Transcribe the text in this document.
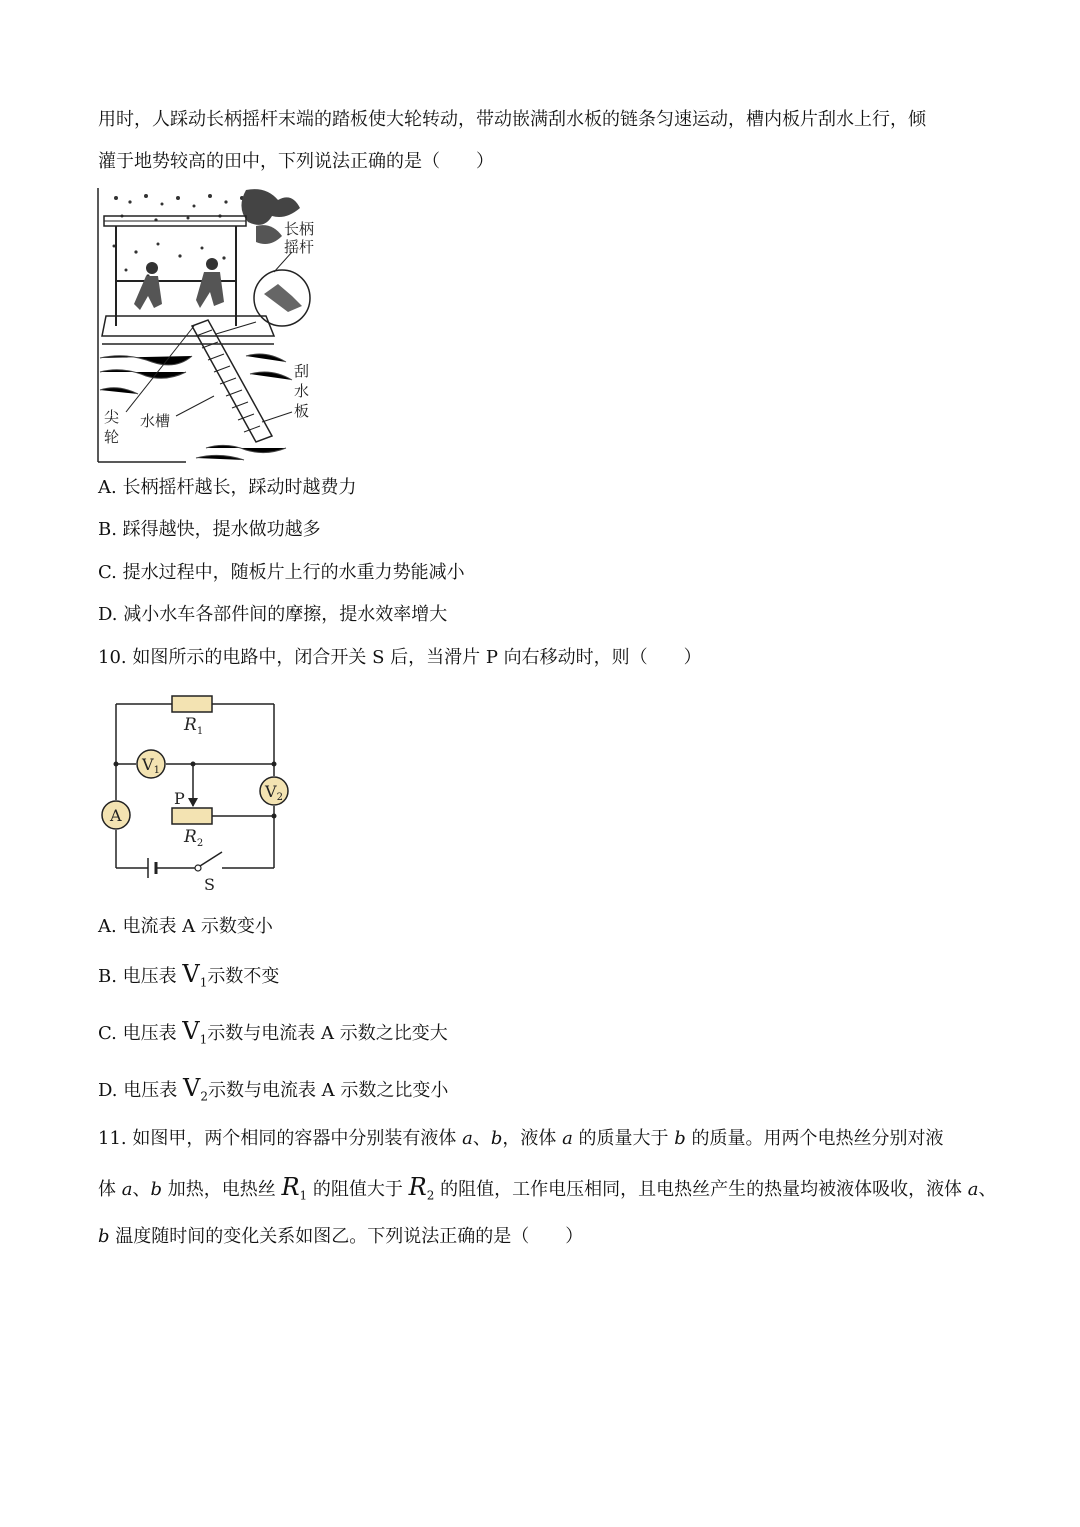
用时，人踩动长柄摇杆末端的踏板使大轮转动，带动嵌满刮水板的链条匀速运动，槽内板片刮水上行，倾
灌于地势较高的田中，下列说法正确的是（　　）
长柄
摇杆
刮
水
板
尖
轮
水槽
A. 长柄摇杆越长，踩动时越费力
B. 踩得越快，提水做功越多
C. 提水过程中，随板片上行的水重力势能减小
D. 减小水车各部件间的摩擦，提水效率增大
10. 如图所示的电路中，闭合开关 S 后，当滑片 P 向右移动时，则（　　）
V1
V2
A
$R_1$
$R_2$
P
S
A. 电流表 A 示数变小
B. 电压表 $V_1$示数不变
C. 电压表 $V_1$示数与电流表 A 示数之比变大
D. 电压表 $V_2$示数与电流表 A 示数之比变小
11. 如图甲，两个相同的容器中分别装有液体 a、b，液体 a 的质量大于 b 的质量。用两个电热丝分别对液
体 a、b 加热，电热丝 $R_1$ 的阻值大于 $R_2$ 的阻值，工作电压相同，且电热丝产生的热量均被液体吸收，液体 a、
b 温度随时间的变化关系如图乙。下列说法正确的是（　　）
